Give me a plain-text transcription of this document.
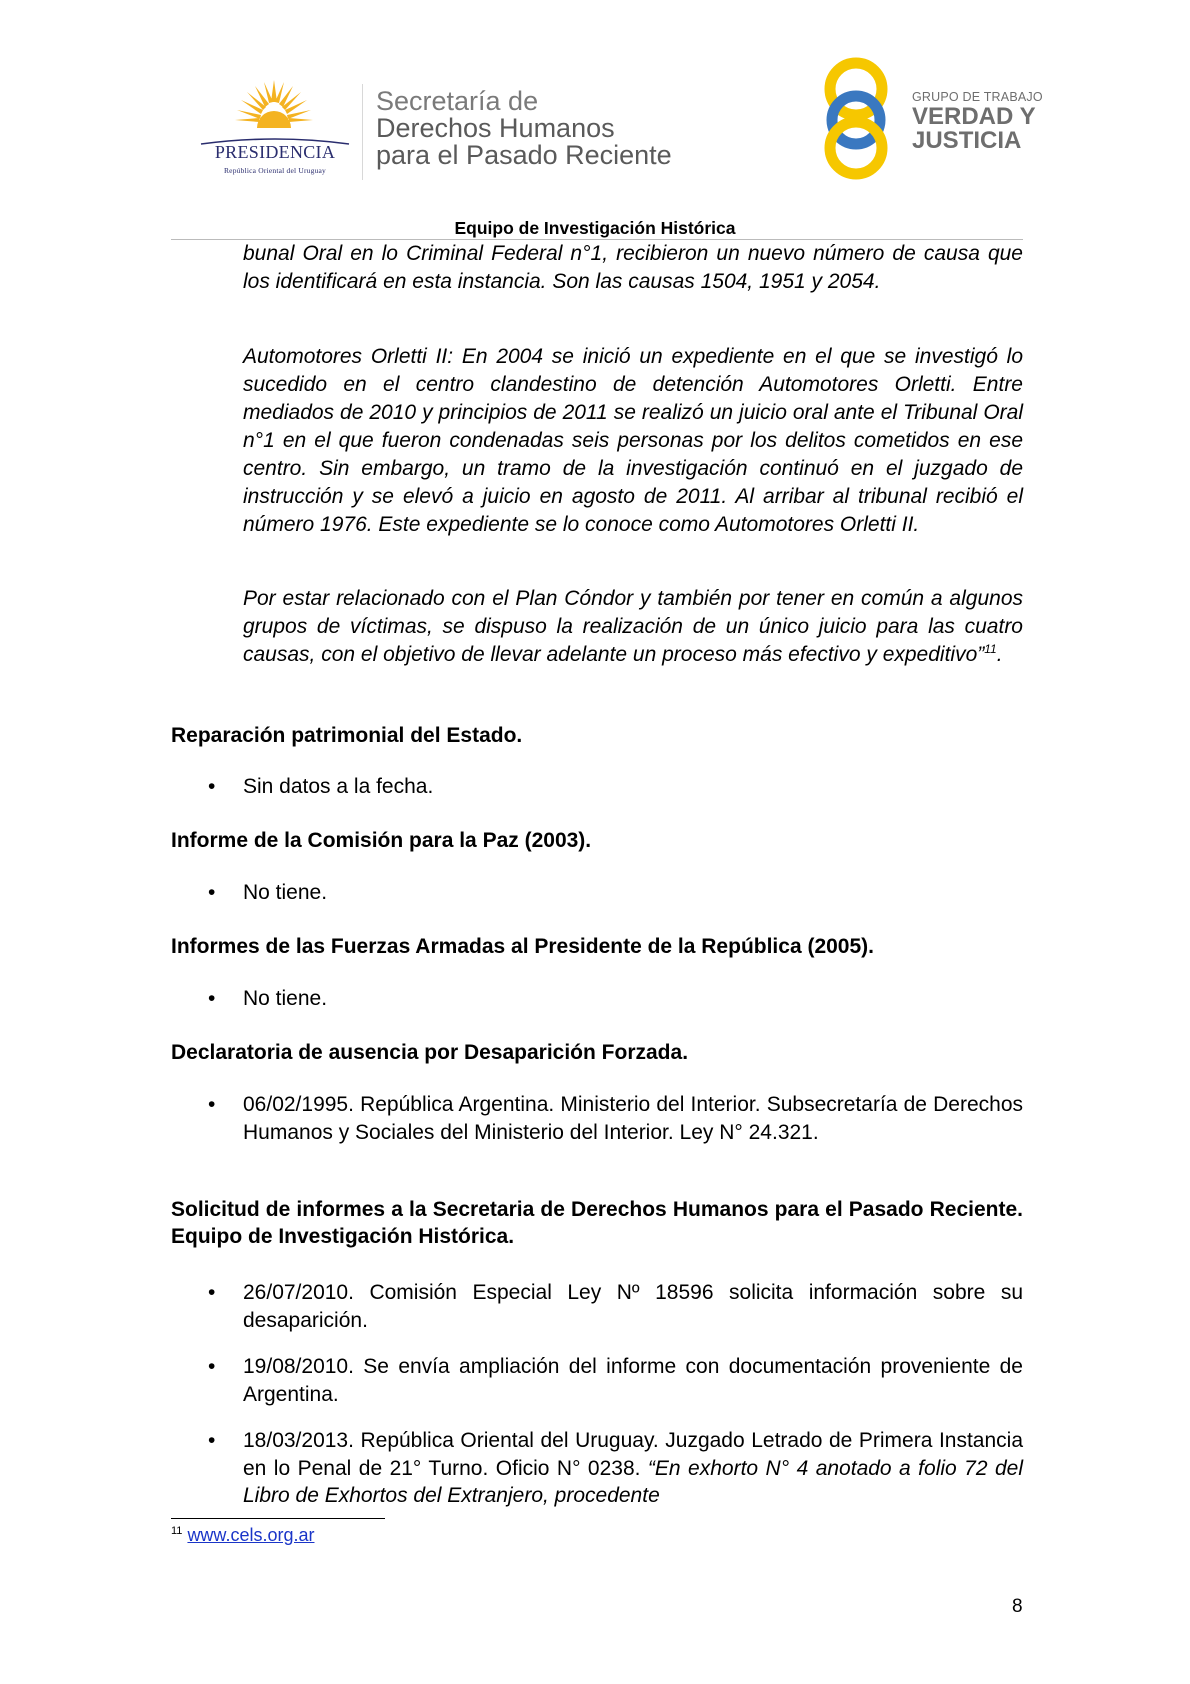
PRESIDENCIA
República Oriental del Uruguay
Secretaría de
Derechos Humanos
para el Pasado Reciente
GRUPO DE TRABAJO
VERDAD Y
JUSTICIA
Equipo de Investigación Histórica
bunal Oral en lo Criminal Federal n°1, recibieron un nuevo número de causa que los identificará en esta instancia. Son las causas 1504, 1951 y 2054.
Automotores Orletti II: En 2004 se inició un expediente en el que se investigó lo sucedido en el centro clandestino de detención Automotores Orletti. Entre mediados de 2010 y principios de 2011 se realizó un juicio oral ante el Tribunal Oral n°1 en el que fueron condenadas seis personas por los delitos cometidos en ese centro. Sin embargo, un tramo de la investigación continuó en el juzgado de instrucción y se elevó a juicio en agosto de 2011. Al arribar al tribunal recibió el número 1976. Este expediente se lo conoce como Automotores Orletti II.
Por estar relacionado con el Plan Cóndor y también por tener en común a algunos grupos de víctimas, se dispuso la realización de un único juicio para las cuatro causas, con el objetivo de llevar adelante un proceso más efectivo y expeditivo”$^{11}$.
Reparación patrimonial del Estado.
• Sin datos a la fecha.
Informe de la Comisión para la Paz (2003).
• No tiene.
Informes de las Fuerzas Armadas al Presidente de la República (2005).
• No tiene.
Declaratoria de ausencia por Desaparición Forzada.
• 06/02/1995. República Argentina. Ministerio del Interior. Subsecretaría de Derechos Humanos y Sociales del Ministerio del Interior. Ley N° 24.321.
Solicitud de informes a la Secretaria de Derechos Humanos para el Pasado Reciente. Equipo de Investigación Histórica.
• 26/07/2010. Comisión Especial Ley Nº 18596 solicita información sobre su desaparición.
• 19/08/2010. Se envía ampliación del informe con documentación proveniente de Argentina.
• 18/03/2013. República Oriental del Uruguay. Juzgado Letrado de Primera Instancia en lo Penal de 21° Turno. Oficio N° 0238. “En exhorto N° 4 anotado a folio 72 del Libro de Exhortos del Extranjero, procedente
$^{11}$ www.cels.org.ar
8
